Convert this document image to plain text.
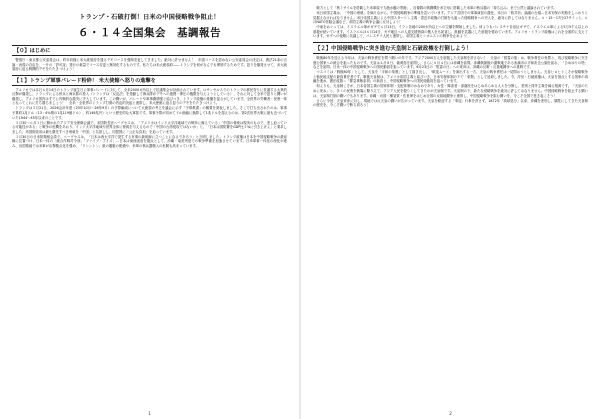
トランプ・石破打倒！日米の中国侵略戦争阻止！
６・１４全国集会　基調報告
【０】はじめに

警視庁・東京都公安委員会は、昨年同様に米大統領府を通るデモコースを強制変更してきました。絶対に許せません！　申請コースを認めない公安委員会の決定は、憲法21条の言論・表現の自由を、一片の「許可証」発行の裁量でコース変更と無効化するものです。私たちは米大統領府――トランプを何がなんでも弾劾するためです。怒りを爆発させて、米大統領府に迫る戦闘的デモをたたきつけよう！

【１】トランプ軍事パレード粉砕！ 米大使館へ怒りの進撃を

アメリカでは本日６月14日のトランプ誕生日に軍事パレードに対して、全米2000カ所以上で抗議集会が計画されています。ロサンゼルスでのトランプの移民狩りに抗議する大衆的反撃が爆発し、トランプによる州兵と海兵隊の投入（トランプは「反乱法」を発動して海兵隊がデモへの連携・弾圧の権限を与えようとしている）、それに対して全米で怒りと闘いが爆発し、アメリカ国内はすでに内戦的な激突に突入しています。この闘いが、パレードや軍事費増強と結びつき、トランプ政権の基盤を揺るがしています。全世界の労働者・民衆一体となってこれに打ち勝ちましょう！　全米・全世界のトランプ打倒の内乱的決起と連帯し、米大使館に迫る怒りのデモをたたきつけよう。

トランプは５月21日、2026会計年度（25年10月〜26年9月）の予算編成について大統領の考えを議会に示す「予算教書」の概要を発表しました。そこで打ち出されたのは、軍事予算約1兆ドル（13・4%増の1兆119億ドル）、約146兆円）という歴史的な大軍拡です。軍事予算が初めてドル価値に換算して1兆ドルを超えるのは、第2次世界大戦に最も近づいていた1944〜45年以来のことです。

５月30〜６月１日に開かれたアジア安全保障会議で、米国防長官ヘーグセスは、「アメリカはインド太平洋地域での戦争に備えている」「中国の脅威は現実のもので、差し迫っている可能性がある」と戦争の危機をあおり、インド太平洋地域や世界全体に脅威を与えるもので「中国の台湾侵攻ではないか」と、「日本は国防費をGDP比５%に引き上げよ」と要求しました。米国防総省は最も優先すべき脅威を「中国」と名指しし、同盟国に「公正な負担」を迫っています。

３月30日の日米防衛相会談で、ヘーグセスは、「日本は西太平洋で発生する有事の最前線に立つことになるであろう」と言明しました。トランプ政権は日本を中国侵略戦争の最前線に位置づけ、日米一体の「統合作戦司令部」「ファイブ・アイズ」…日本は南西諸島を拠点として、沖縄・奄美列島での戦争準備を加速させています。日米軍事一体化の深化が進み、岩国基地では米軍が出撃拠点化を強め、「ワシントン」級の艦艇の配備や、米軍の核兵器搬入の危険も高まっています。

1

戦力として「核ミサイルを搭載した米軍原子力潜水艦の寄港」、自衛隊の戦闘機を米空母に搭載した米軍の核兵器の「持ち込み」まで公然と議論されています。

米日帝国主義は、「中国の脅威」を煽りながら、中国侵略戦争の準備を急いでいます。アジア各国での軍事演習の激化、米日の「核共有」論議の台頭…日米安保の実態をしっかりと見据えなければなりません。米日帝国主義による中国スターリン主義・習近平政権の打倒をも狙った侵略戦争への突入を、絶対に許してはなりません。６・15〜17日G7サミット、６月NATO首脳会議など、帝国主義の戦争会議に反対しよう！

中東をめぐっては、イスラエル軍がガザで６月13日、イラン各地の200カ所以上への空爆を開始しました。何よりもパレスチナ自治区ガザで、イスラエル軍による5万5千人以上の虐殺が続いています。イスラエルは６月14日、ガザ地区への人道支援物資の搬入をも妨害し、飢餓を武器にした虐殺を強めています。アメリカ・トランプ政権はこれを全面的に支えています。ガザへの侵略に抗議して、パレスチナ人民と連帯し、帝国主義とシオニストの戦争を止めよう！

【２】中国侵略戦争に突き進む天皇制と石破政権を打倒しよう！

戦後80年を迎える今年は、天皇の戦争責任を問う闘いの年です。アジア2000万人を虐殺した天皇制を許さない！　天皇の「慰霊の旅」は、戦争責任の免罪と、再び侵略戦争に突き進む国家への統合を狙ったものです。天皇は４月８日、硫黄島を訪問し、さらに６月４日には沖縄を訪問。沖縄戦最後の激戦地である糸満市の平和祈念公園を訪れ、「ひめゆりの塔」などを訪問。日米一体の中国侵略戦争への国民動員を狙っています。6月23日の「慰霊の日」への来沖は、沖縄の反戦・反基地闘争への挑戦です。

マスコミは「戦後80年」として、天皇を「平和の象徴」として描き出し、「歓迎ムード」を演出する一方、天皇の戦争責任は一切問おうとしません。天皇ヒロヒトこそが侵略戦争と植民地支配の最高責任者です。戦後天皇制は、アメリカ帝国主義と結びつき、日米安保体制の下で「象徴」として延命しました。今、岸田・石破政権は、天皇を頂点とする国家の再編を進め、憲法改悪＝「緊急事態条項」の新設と、中国侵略戦争への国民総動員を狙っています。

何よりも、天皇制こそが、日本帝国主義の国家体制・支配体制のかなめであり、女性・障害者・部落民をはじめあらゆる人々を分断し、差別と排外主義を煽る根源です。「天皇のために死ね」と、多くの民衆を戦場に駆り立て、アジア人民を殺りくしてきたのが天皇制です。天皇制の下、新たな侵略戦争を絶対に許してはなりません。中国侵略戦争を阻止する闘いは、天皇制打倒の闘いでもあります。沖縄・岩国・横須賀・佐世保をはじめ全国の反基地闘争と連帯し、中国侵略戦争を阻む闘いを、今こそ全国で巻き起こそう！

さらに今回、天皇来沖に対し、現地では反天皇の闘いが広がっています。天皇を歓迎する「奉迎」行事を許さず、1872年「琉球処分」以来、沖縄を差別し、犠牲にしてきた天皇制の歴史を、今こそ闘いで断ち切ろう！

2
